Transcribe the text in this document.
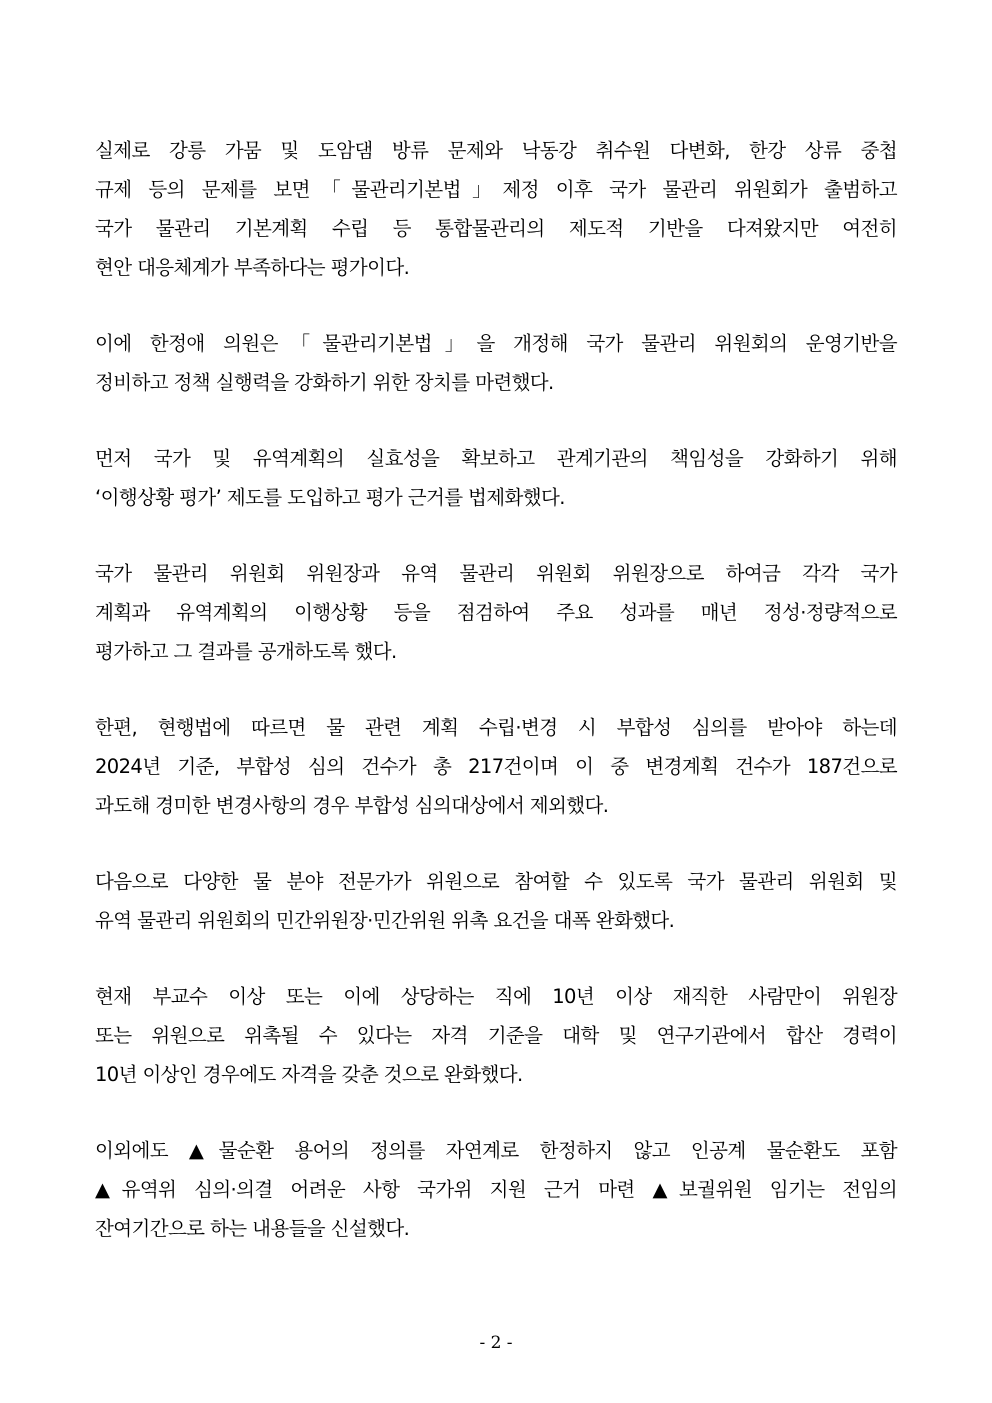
실제로 강릉 가뭄 및 도암댐 방류 문제와 낙동강 취수원 다변화, 한강 상류 중첩
규제 등의 문제를 보면「물관리기본법」제정 이후 국가 물관리 위원회가 출범하고
국가 물관리 기본계획 수립 등 통합물관리의 제도적 기반을 다져왔지만 여전히
현안 대응체계가 부족하다는 평가이다.
이에 한정애 의원은「물관리기본법」을 개정해 국가 물관리 위원회의 운영기반을
정비하고 정책 실행력을 강화하기 위한 장치를 마련했다.
먼저 국가 및 유역계획의 실효성을 확보하고 관계기관의 책임성을 강화하기 위해
‘이행상황 평가’ 제도를 도입하고 평가 근거를 법제화했다.
국가 물관리 위원회 위원장과 유역 물관리 위원회 위원장으로 하여금 각각 국가
계획과 유역계획의 이행상황 등을 점검하여 주요 성과를 매년 정성·정량적으로
평가하고 그 결과를 공개하도록 했다.
한편, 현행법에 따르면 물 관련 계획 수립·변경 시 부합성 심의를 받아야 하는데
2024년 기준, 부합성 심의 건수가 총 217건이며 이 중 변경계획 건수가 187건으로
과도해 경미한 변경사항의 경우 부합성 심의대상에서 제외했다.
다음으로 다양한 물 분야 전문가가 위원으로 참여할 수 있도록 국가 물관리 위원회 및
유역 물관리 위원회의 민간위원장·민간위원 위촉 요건을 대폭 완화했다.
현재 부교수 이상 또는 이에 상당하는 직에 10년 이상 재직한 사람만이 위원장
또는 위원으로 위촉될 수 있다는 자격 기준을 대학 및 연구기관에서 합산 경력이
10년 이상인 경우에도 자격을 갖춘 것으로 완화했다.
이외에도 ▲물순환 용어의 정의를 자연계로 한정하지 않고 인공계 물순환도 포함
▲유역위 심의·의결 어려운 사항 국가위 지원 근거 마련 ▲보궐위원 임기는 전임의
잔여기간으로 하는 내용들을 신설했다.
- 2 -
